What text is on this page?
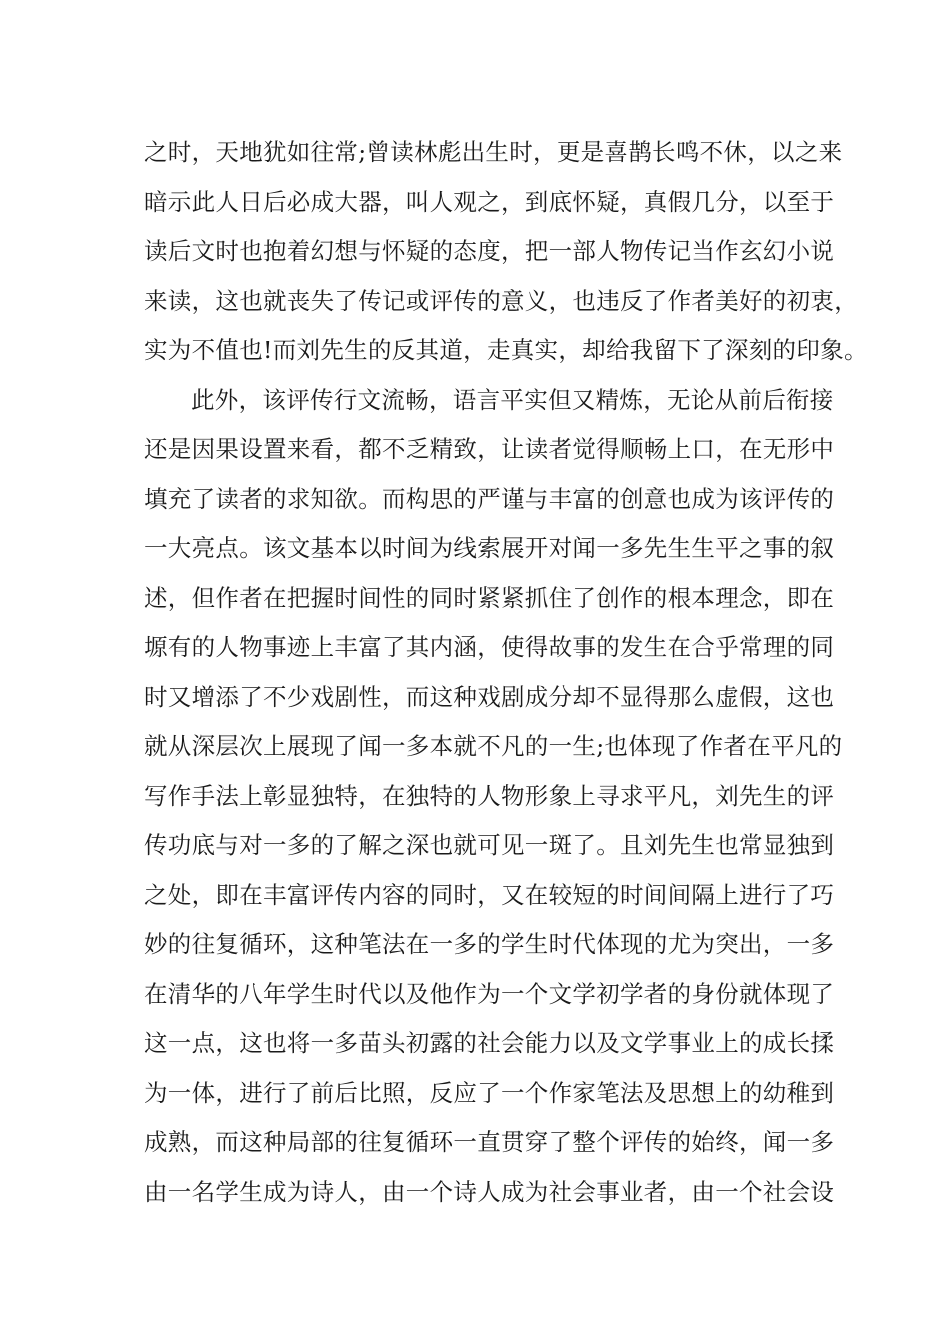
之时，天地犹如往常;曾读林彪出生时，更是喜鹊长鸣不休，以之来
暗示此人日后必成大器，叫人观之，到底怀疑，真假几分，以至于
读后文时也抱着幻想与怀疑的态度，把一部人物传记当作玄幻小说
来读，这也就丧失了传记或评传的意义，也违反了作者美好的初衷，
实为不值也!而刘先生的反其道，走真实，却给我留下了深刻的印象。
此外，该评传行文流畅，语言平实但又精炼，无论从前后衔接
还是因果设置来看，都不乏精致，让读者觉得顺畅上口，在无形中
填充了读者的求知欲。而构思的严谨与丰富的创意也成为该评传的
一大亮点。该文基本以时间为线索展开对闻一多先生生平之事的叙
述，但作者在把握时间性的同时紧紧抓住了创作的根本理念，即在
塬有的人物事迹上丰富了其内涵，使得故事的发生在合乎常理的同
时又增添了不少戏剧性，而这种戏剧成分却不显得那么虚假，这也
就从深层次上展现了闻一多本就不凡的一生;也体现了作者在平凡的
写作手法上彰显独特，在独特的人物形象上寻求平凡，刘先生的评
传功底与对一多的了解之深也就可见一斑了。且刘先生也常显独到
之处，即在丰富评传内容的同时，又在较短的时间间隔上进行了巧
妙的往复循环，这种笔法在一多的学生时代体现的尤为突出，一多
在清华的八年学生时代以及他作为一个文学初学者的身份就体现了
这一点，这也将一多苗头初露的社会能力以及文学事业上的成长揉
为一体，进行了前后比照，反应了一个作家笔法及思想上的幼稚到
成熟，而这种局部的往复循环一直贯穿了整个评传的始终，闻一多
由一名学生成为诗人，由一个诗人成为社会事业者，由一个社会设
